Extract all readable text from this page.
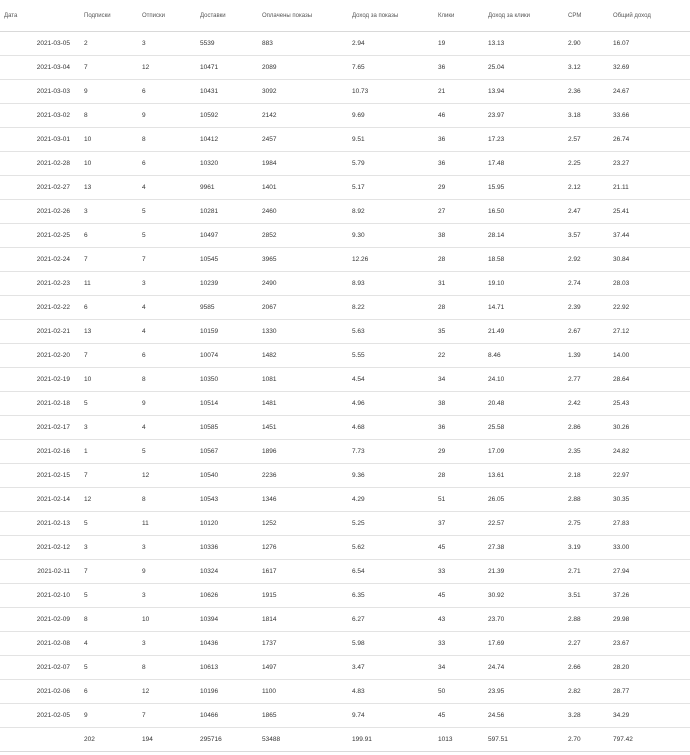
Дата	Подписки	Отписки	Доставки	Оплачены показы	Доход за показы	Клики	Доход за клики	CPM	Общий доход
2021-03-05	2	3	5539	883	2.94	19	13.13	2.90	16.07
2021-03-04	7	12	10471	2089	7.65	36	25.04	3.12	32.69
2021-03-03	9	6	10431	3092	10.73	21	13.94	2.36	24.67
2021-03-02	8	9	10592	2142	9.69	46	23.97	3.18	33.66
2021-03-01	10	8	10412	2457	9.51	36	17.23	2.57	26.74
2021-02-28	10	6	10320	1984	5.79	36	17.48	2.25	23.27
2021-02-27	13	4	9961	1401	5.17	29	15.95	2.12	21.11
2021-02-26	3	5	10281	2460	8.92	27	16.50	2.47	25.41
2021-02-25	6	5	10497	2852	9.30	38	28.14	3.57	37.44
2021-02-24	7	7	10545	3965	12.26	28	18.58	2.92	30.84
2021-02-23	11	3	10239	2490	8.93	31	19.10	2.74	28.03
2021-02-22	6	4	9585	2067	8.22	28	14.71	2.39	22.92
2021-02-21	13	4	10159	1330	5.63	35	21.49	2.67	27.12
2021-02-20	7	6	10074	1482	5.55	22	8.46	1.39	14.00
2021-02-19	10	8	10350	1081	4.54	34	24.10	2.77	28.64
2021-02-18	5	9	10514	1481	4.96	38	20.48	2.42	25.43
2021-02-17	3	4	10585	1451	4.68	36	25.58	2.86	30.26
2021-02-16	1	5	10567	1896	7.73	29	17.09	2.35	24.82
2021-02-15	7	12	10540	2236	9.36	28	13.61	2.18	22.97
2021-02-14	12	8	10543	1346	4.29	51	26.05	2.88	30.35
2021-02-13	5	11	10120	1252	5.25	37	22.57	2.75	27.83
2021-02-12	3	3	10336	1276	5.62	45	27.38	3.19	33.00
2021-02-11	7	9	10324	1617	6.54	33	21.39	2.71	27.94
2021-02-10	5	3	10626	1915	6.35	45	30.92	3.51	37.26
2021-02-09	8	10	10394	1814	6.27	43	23.70	2.88	29.98
2021-02-08	4	3	10436	1737	5.98	33	17.69	2.27	23.67
2021-02-07	5	8	10613	1497	3.47	34	24.74	2.66	28.20
2021-02-06	6	12	10196	1100	4.83	50	23.95	2.82	28.77
2021-02-05	9	7	10466	1865	9.74	45	24.56	3.28	34.29
	202	194	295716	53488	199.91	1013	597.51	2.70	797.42
